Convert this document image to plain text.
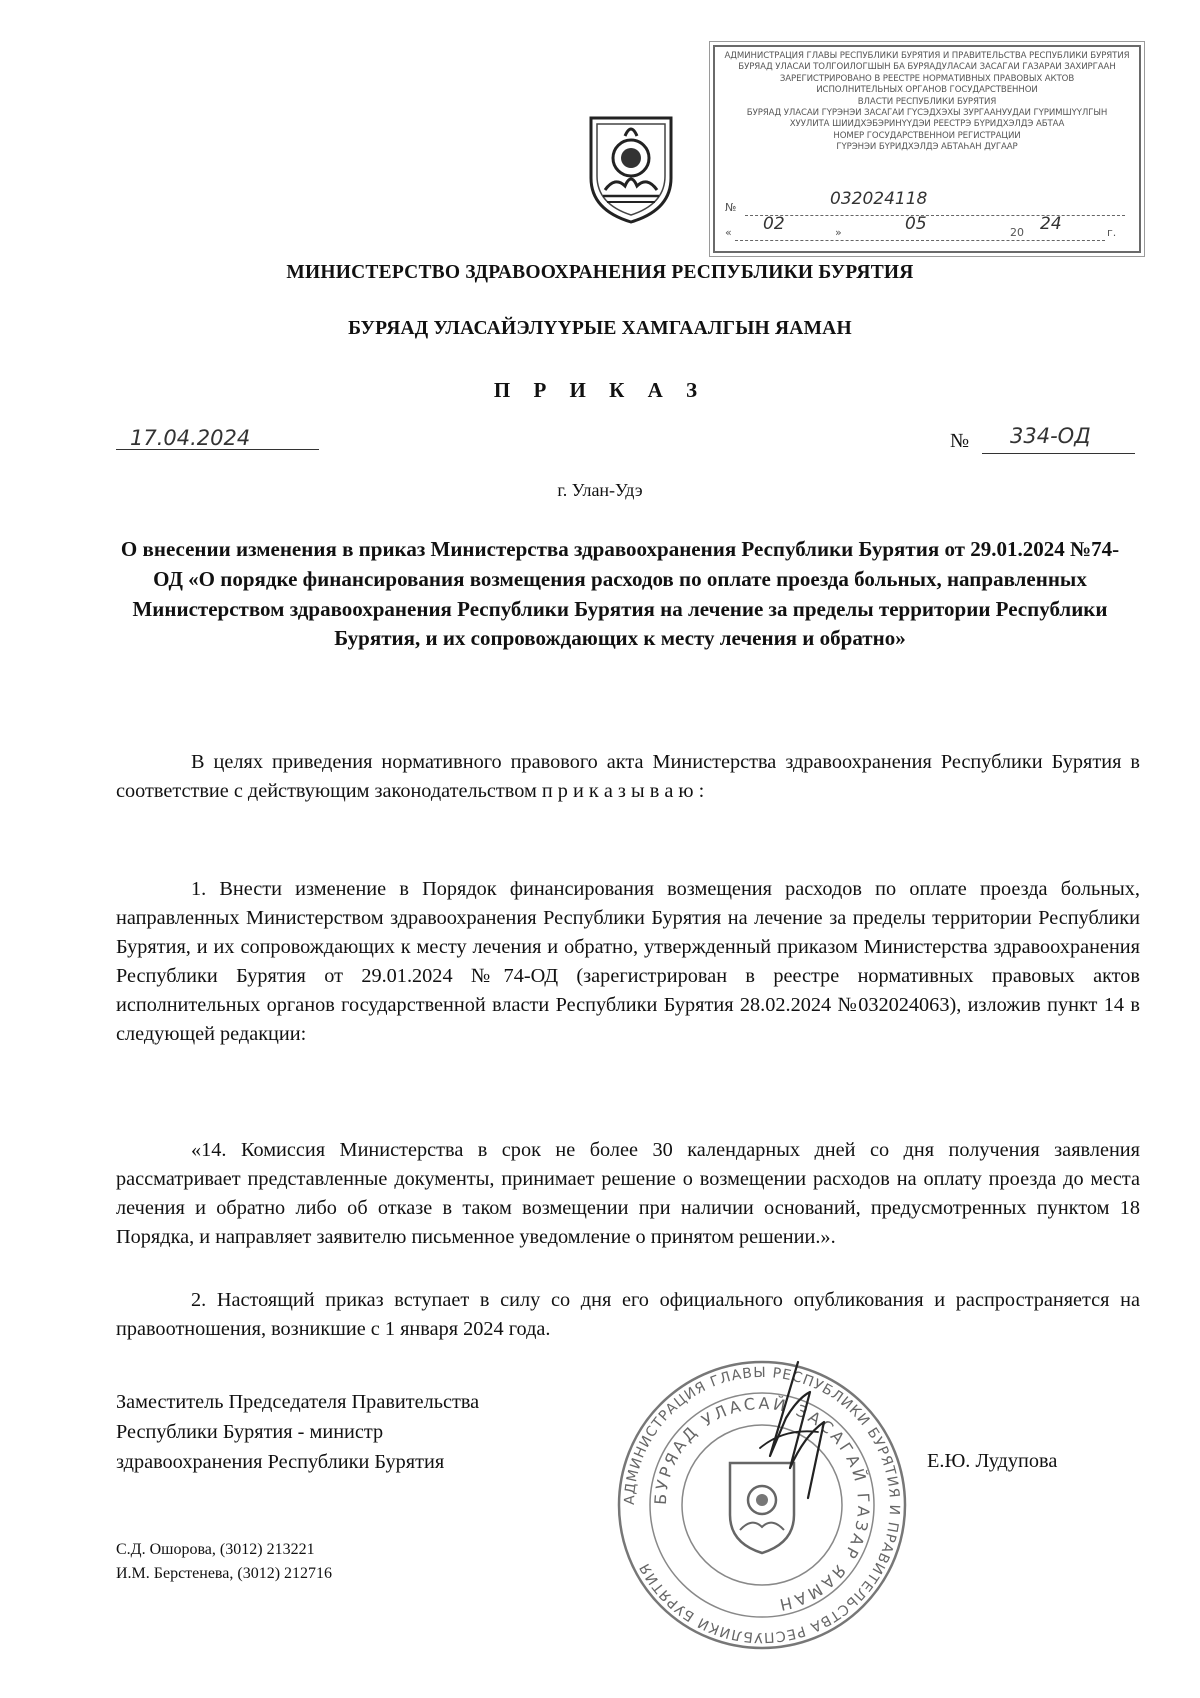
АДМИНИСТРАЦИЯ ГЛАВЫ РЕСПУБЛИКИ БУРЯТИЯ И ПРАВИТЕЛЬСТВА РЕСПУБЛИКИ БУРЯТИЯ
БУРЯАД УЛАСАЙ ТОЛГОЙЛОГШЫН БА БУРЯАДУЛАСАЙ ЗАСАГАЙ ГАЗАРАЙ ЗАХИРГААН
ЗАРЕГИСТРИРОВАНО В РЕЕСТРЕ НОРМАТИВНЫХ ПРАВОВЫХ АКТОВ
ИСПОЛНИТЕЛЬНЫХ ОРГАНОВ ГОСУДАРСТВЕННОЙ
ВЛАСТИ РЕСПУБЛИКИ БУРЯТИЯ
БУРЯАД УЛАСАЙ ГҮРЭНЭЙ ЗАСАГАЙ ГҮСЭДХЭХЫ ЗУРГААНУУДАЙ ГҮРИМШҮҮЛГЫН
ХУУЛИТА ШИИДХЭБЭРИНҮҮДЭЙ РЕЕСТРЭ БҮРИДХЭЛДЭ АБТАА
НОМЕР ГОСУДАРСТВЕННОЙ РЕГИСТРАЦИИ
ГҮРЭНЭЙ БҮРИДХЭЛДЭ АБТАҺАН ДУГААР
№	032024118
« 02	»	05	20 24	г.
МИНИСТЕРСТВО ЗДРАВООХРАНЕНИЯ РЕСПУБЛИКИ БУРЯТИЯ
БУРЯАД УЛАСАЙЭЛҮҮРЫЕ ХАМГААЛГЫН ЯАМАН
П Р И К А З
17.04.2024	№ 334-ОД
г. Улан-Удэ
О внесении изменения в приказ Министерства здравоохранения Республики Бурятия от 29.01.2024 №74-ОД «О порядке финансирования возмещения расходов по оплате проезда больных, направленных Министерством здравоохранения Республики Бурятия на лечение за пределы территории Республики Бурятия, и их сопровождающих к месту лечения и обратно»

В целях приведения нормативного правового акта Министерства здравоохранения Республики Бурятия в соответствие с действующим законодательством п р и к а з ы в а ю :

1. Внести изменение в Порядок финансирования возмещения расходов по оплате проезда больных, направленных Министерством здравоохранения Республики Бурятия на лечение за пределы территории Республики Бурятия, и их сопровождающих к месту лечения и обратно, утвержденный приказом Министерства здравоохранения Республики Бурятия от 29.01.2024 №74-ОД (зарегистрирован в реестре нормативных правовых актов исполнительных органов государственной власти Республики Бурятия 28.02.2024 №032024063), изложив пункт 14 в следующей редакции:

«14. Комиссия Министерства в срок не более 30 календарных дней со дня получения заявления рассматривает представленные документы, принимает решение о возмещении расходов на оплату проезда до места лечения и обратно либо об отказе в таком возмещении при наличии оснований, предусмотренных пунктом 18 Порядка, и направляет заявителю письменное уведомление о принятом решении.».

2. Настоящий приказ вступает в силу со дня его официального опубликования и распространяется на правоотношения, возникшие с 1 января 2024 года.

АДМИНИСТРАЦИЯ ГЛАВЫ РЕСПУБЛИКИ БУРЯТИЯ И ПРАВИТЕЛЬСТВА РЕСПУБЛИКИ БУРЯТИЯ
БУРЯАД УЛАСАЙ ЗАСАГАЙ ГАЗАР ЯАМАН
Заместитель Председателя Правительства
Республики Бурятия - министр
здравоохранения Республики Бурятия	Е.Ю. Лудупова
С.Д. Ошорова, (3012) 213221
И.М. Берстенева, (3012) 212716
